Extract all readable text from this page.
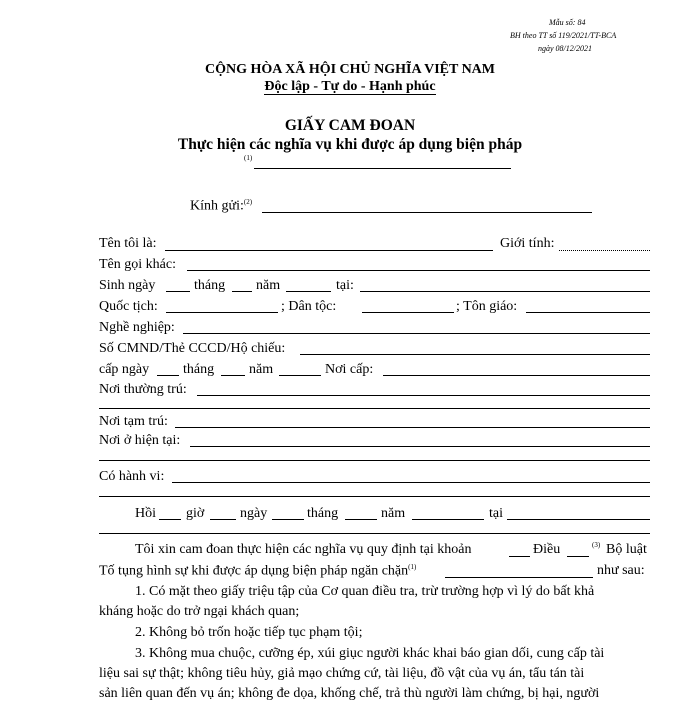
Mẫu số: 84
BH theo TT số 119/2021/TT-BCA
ngày 08/12/2021
CỘNG HÒA XÃ HỘI CHỦ NGHĨA VIỆT NAM
Độc lập - Tự do - Hạnh phúc
GIẤY CAM ĐOAN
Thực hiện các nghĩa vụ khi được áp dụng biện pháp
(1)
Kính gửi:$^{(2)}$
Tên tôi là:	Giới tính:
Tên gọi khác:
Sinh ngày	tháng năm	tại:
Quốc tịch:	; Dân tộc:	; Tôn giáo:
Nghề nghiệp:
Số CMND/Thẻ CCCD/Hộ chiếu:
cấp ngày tháng năm	Nơi cấp:
Nơi thường trú:
Nơi tạm trú:
Nơi ở hiện tại:
Có hành vi:
Hồi giờ	ngày	tháng	năm	tại
Tôi xin cam đoan thực hiện các nghĩa vụ quy định tại khoản	Điều	(3) Bộ luật
Tố tụng hình sự khi được áp dụng biện pháp ngăn chặn$^{(1)}$	như sau:
1. Có mặt theo giấy triệu tập của Cơ quan điều tra, trừ trường hợp vì lý do bất khả
kháng hoặc do trở ngại khách quan;
2. Không bỏ trốn hoặc tiếp tục phạm tội;
3. Không mua chuộc, cưỡng ép, xúi giục người khác khai báo gian dối, cung cấp tài
liệu sai sự thật; không tiêu hủy, giả mạo chứng cứ, tài liệu, đồ vật của vụ án, tẩu tán tài
sản liên quan đến vụ án; không đe dọa, khống chế, trả thù người làm chứng, bị hại, người
